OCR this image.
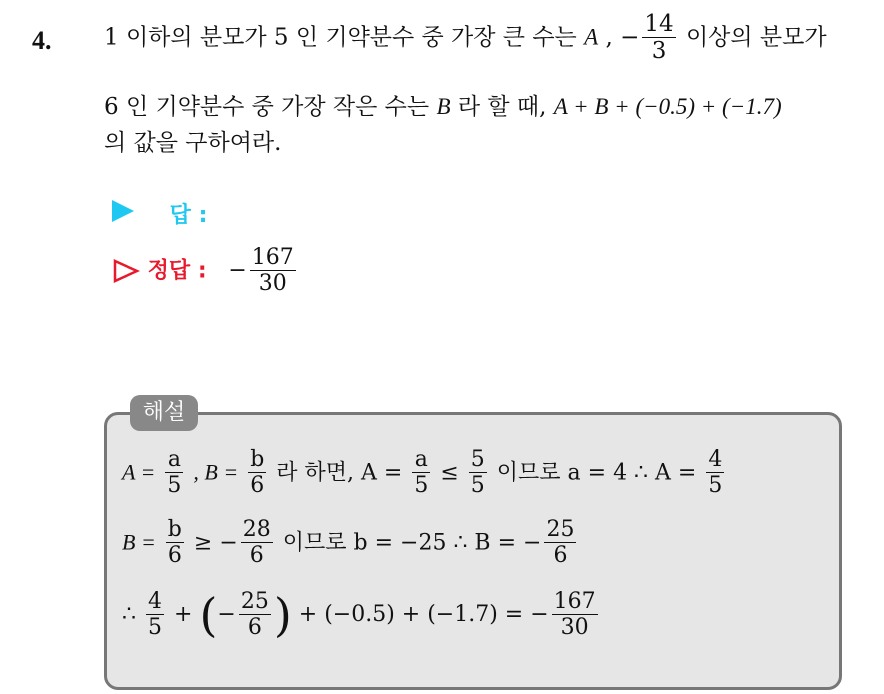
4. 1 이하의 분모가 5 인 기약분수 중 가장 큰 수는 A , − $\frac{14}{3}$ 이상의 분모가
6 인 기약분수 중 가장 작은 수는 B 라 할 때, A + B + (−0.5) + (−1.7)
의 값을 구하여라.
답 :
정답 : − $\frac{167}{30}$
해설
$A = \frac{a}{5}$ , $B = \frac{b}{6}$ 라 하면, $A = \frac{a}{5} \le \frac{5}{5}$ 이므로 a = 4 ∴ $A = \frac{4}{5}$
$B = \frac{b}{6}$ ≥ − $\frac{28}{6}$ 이므로 b = −25 ∴ B = − $\frac{25}{6}$
∴ $\frac{4}{5}$ + (− $\frac{25}{6}$ ) + (−0.5) + (−1.7) = − $\frac{167}{30}$
